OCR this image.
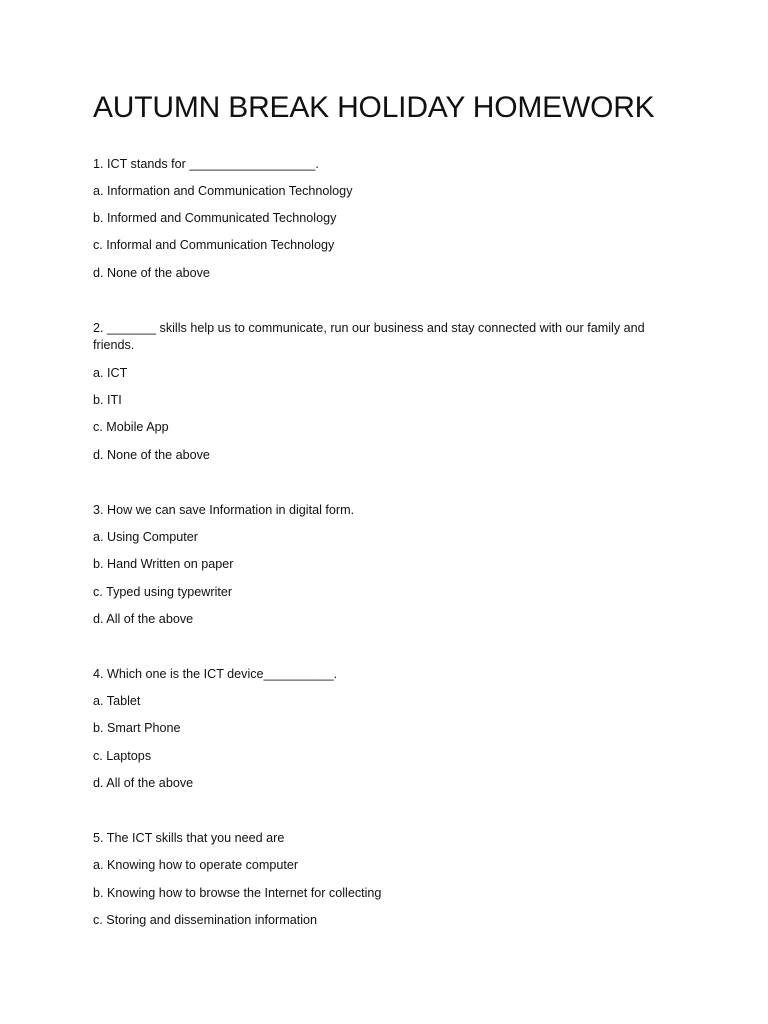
AUTUMN BREAK HOLIDAY HOMEWORK

1. ICT stands for __________________.

a. Information and Communication Technology

b. Informed and Communicated Technology

c. Informal and Communication Technology

d. None of the above

2. _______ skills help us to communicate, run our business and stay connected with our family and friends.

a. ICT

b. ITI

c. Mobile App

d. None of the above

3. How we can save Information in digital form.

a. Using Computer

b. Hand Written on paper

c. Typed using typewriter

d. All of the above

4. Which one is the ICT device__________.

a. Tablet

b. Smart Phone

c. Laptops

d. All of the above

5. The ICT skills that you need are

a. Knowing how to operate computer

b. Knowing how to browse the Internet for collecting

c. Storing and dissemination information
